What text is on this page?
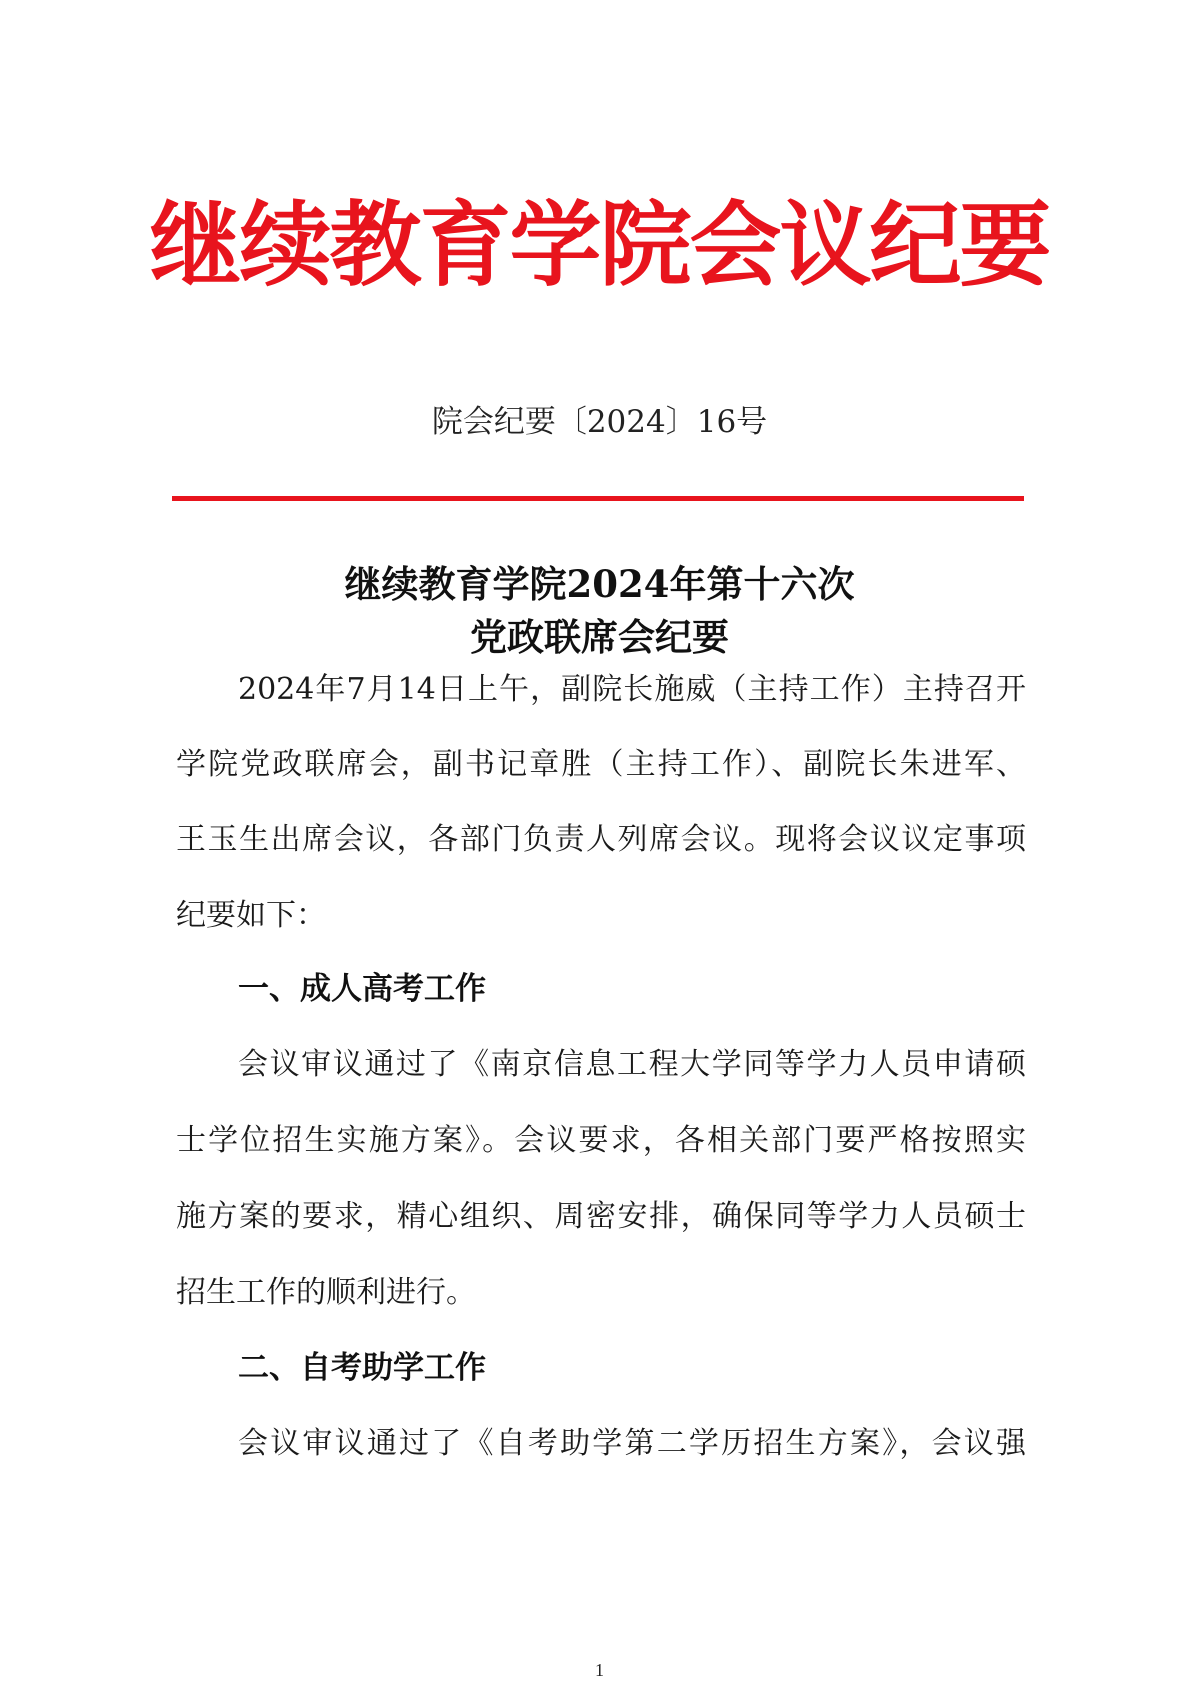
继续教育学院会议纪要
院会纪要〔2024〕16号
继续教育学院2024年第十六次
党政联席会纪要
2024年7月14日上午，副院长施威（主持工作）主持召开
学院党政联席会，副书记章胜（主持工作）、副院长朱进军、
王玉生出席会议，各部门负责人列席会议。现将会议议定事项
纪要如下：
一、成人高考工作
会议审议通过了《南京信息工程大学同等学力人员申请硕
士学位招生实施方案》。会议要求，各相关部门要严格按照实
施方案的要求，精心组织、周密安排，确保同等学力人员硕士
招生工作的顺利进行。
二、自考助学工作
会议审议通过了《自考助学第二学历招生方案》，会议强
1
